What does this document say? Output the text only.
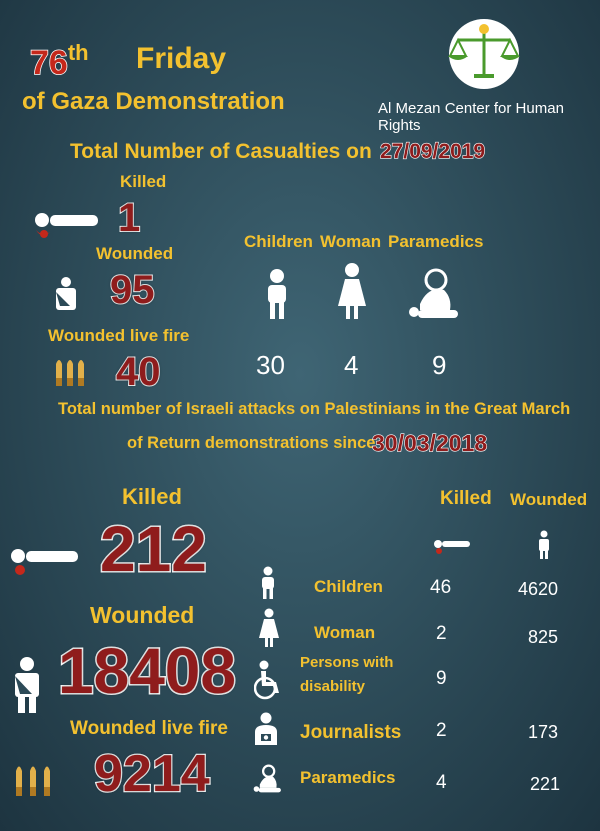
76th Friday
of Gaza Demonstration	Al Mezan Center for Human Rights
Total Number of Casualties on 27/09/2019
Killed
1
Wounded
95
Wounded live fire
40
Children Woman Paramedics
30 4	9
Total number of Israeli attacks on Palestinians in the Great March
of Return demonstrations since
30/03/2018
Killed
212
Wounded
18408
Wounded live fire
9214
Killed Wounded
Children 46	4620
Woman	2	825
Persons with
disability	9
Journalists 2	173
Paramedics 4	221
